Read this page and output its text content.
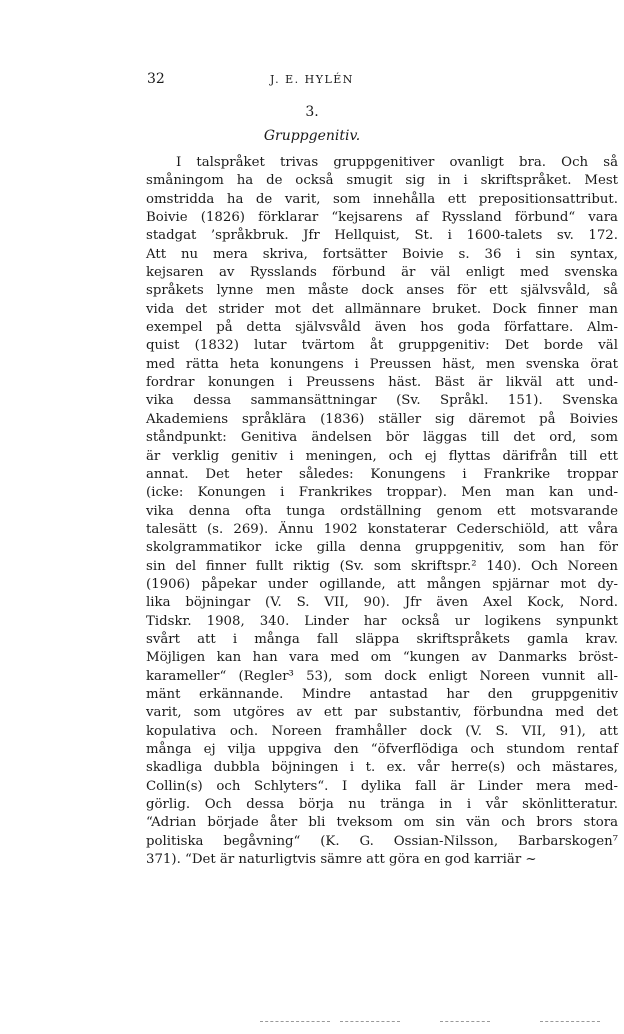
32	J. E. HYLÉN
3.
Gruppgenitiv.
I talspråket trivas gruppgenitiver ovanligt bra. Och så
småningom ha de också smugit sig in i skriftspråket. Mest
omstridda ha de varit, som innehålla ett prepositionsattribut.
Boivie (1826) förklarar “kejsarens af Ryssland förbund“ vara
stadgat ’språkbruk. Jfr Hellquist, St. i 1600-talets sv. 172.
Att nu mera skriva, fortsätter Boivie s. 36 i sin syntax,
kejsaren av Rysslands förbund är väl enligt med svenska
språkets lynne men måste dock anses för ett självsvåld, så
vida det strider mot det allmännare bruket. Dock finner man
exempel på detta självsvåld även hos goda författare. Alm-
quist (1832) lutar tvärtom åt gruppgenitiv: Det borde väl
med rätta heta konungens i Preussen häst, men svenska örat
fordrar konungen i Preussens häst. Bäst är likväl att und-
vika dessa sammansättningar (Sv. Språkl. 151). Svenska
Akademiens språklära (1836) ställer sig däremot på Boivies
ståndpunkt: Genitiva ändelsen bör läggas till det ord, som
är verklig genitiv i meningen, och ej flyttas därifrån till ett
annat. Det heter således: Konungens i Frankrike troppar
(icke: Konungen i Frankrikes troppar). Men man kan und-
vika denna ofta tunga ordställning genom ett motsvarande
talesätt (s. 269). Ännu 1902 konstaterar Cederschiöld, att våra
skolgrammatikor icke gilla denna gruppgenitiv, som han för
sin del finner fullt riktig (Sv. som skriftspr.² 140). Och Noreen
(1906) påpekar under ogillande, att mången spjärnar mot dy-
lika böjningar (V. S. VII, 90). Jfr även Axel Kock, Nord.
Tidskr. 1908, 340. Linder har också ur logikens synpunkt
svårt att i många fall släppa skriftspråkets gamla krav.
Möjligen kan han vara med om “kungen av Danmarks bröst-
karameller“ (Regler³ 53), som dock enligt Noreen vunnit all-
mänt erkännande. Mindre antastad har den gruppgenitiv
varit, som utgöres av ett par substantiv, förbundna med det
kopulativa och. Noreen framhåller dock (V. S. VII, 91), att
många ej vilja uppgiva den “öfverflödiga och stundom rentaf
skadliga dubbla böjningen i t. ex. vår herre(s) och mästares,
Collin(s) och Schlyters“. I dylika fall är Linder mera med-
görlig. Och dessa börja nu tränga in i vår skönlitteratur.
“Adrian började åter bli tveksom om sin vän och brors stora
politiska begåvning“ (K. G. Ossian-Nilsson, Barbarskogen⁷
371). “Det är naturligtvis sämre att göra en god karriär ~
